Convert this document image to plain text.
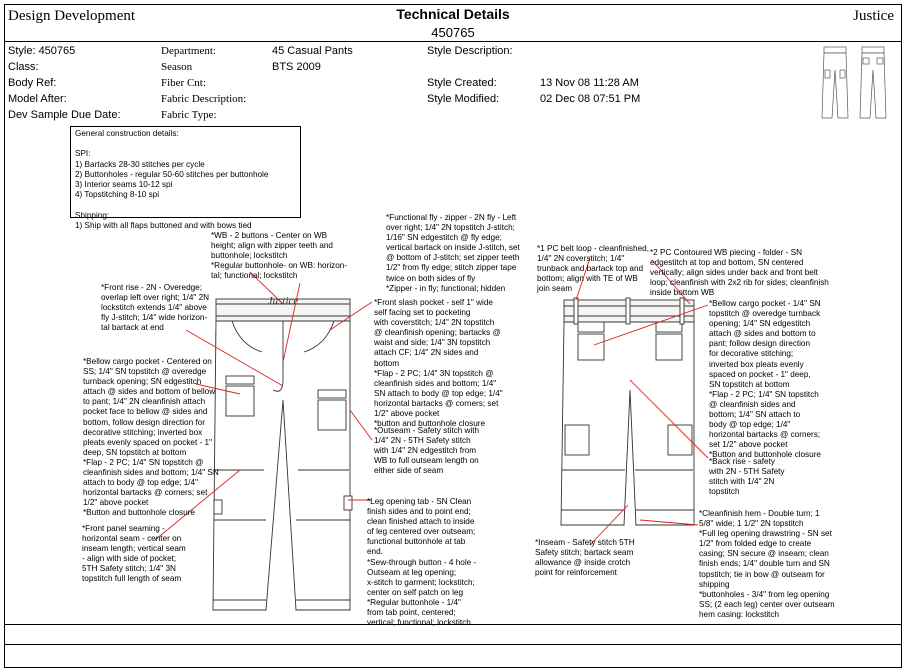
Design Development	Technical Details
450765
Justice
Style: 450765
Class:
Body Ref:
Model After:
Dev Sample Due Date:
Department:
Season
Fiber Cnt:
Fabric Description:
Fabric Type:
45 Casual Pants
BTS 2009
Style Description:
Style Created:
Style Modified:
13 Nov 08 11:28 AM
02 Dec 08 07:51 PM
Justice
General construction details:

SPI:
1) Bartacks 28-30 stitches per cycle
2) Buttonholes - regular 50-60 stitches per buttonhole
3) Interior seams 10-12 spi
4) Topstitching 8-10 spi

Shipping:
1) Ship with all flaps buttoned and with bows tied
*WB - 2 buttons - Center on WB
height; align with zipper teeth and
buttonhole; lockstitch
*Regular buttonhole- on WB: horizon-
tal; functional; lockstitch
*Functional fly - zipper - 2N fly - Left
over right; 1/4" 2N topstitch J-stitch;
1/16" SN edgestitch @ fly edge;
vertical bartack on inside J-stitch, set
@ bottom of J-stitch; set zipper teeth
1/2" from fly edge; stitch zipper tape
twice on both sides of fly
*Zipper - in fly; functional; hidden
*Front rise - 2N - Overedge;
overlap left over right; 1/4" 2N
lockstitch extends 1/4" above
fly J-stitch; 1/4" wide horizon-
tal bartack at end
*Front slash pocket - self 1" wide
self facing set to pocketing
with coverstitch; 1/4" 2N topstitch
@ cleanfinish opening; bartacks @
waist and side; 1/4" 3N topstitch
attach CF; 1/4" 2N sides and
bottom
*Flap - 2 PC; 1/4" 3N topstitch @
cleanfinish sides and bottom; 1/4"
SN attach to body @ top edge; 1/4"
horizontal bartacks @ corners; set
1/2" above pocket
*button and buttonhole closure
*Bellow cargo pocket - Centered on
SS; 1/4" SN topstitch @ overedge
turnback opening; SN edgestitch
attach @ sides and bottom of bellow
to pant; 1/4" 2N cleanfinish attach
pocket face to bellow @ sides and
bottom, follow design direction for
decorative stitching; inverted box
pleats evenly spaced on pocket - 1"
deep, SN topstitch at bottom
*Flap - 2 PC; 1/4" SN topstitch @
cleanfinish sides and bottom; 1/4" SN
attach to body @ top edge; 1/4"
horizontal bartacks @ corners; set
1/2" above pocket
*Button and buttonhole closure
*Outseam - Safety stitch with
1/4" 2N - 5TH Safety stitch
with 1/4" 2N edgestitch from
WB to full outseam length on
either side of seam
*Leg opening tab - SN Clean
finish sides and to point end;
clean finished attach to inside
of leg centered over outseam;
functional buttonhole at tab
end.
*Sew-through button - 4 hole -
Outseam at leg opening;
x-stitch to garment; lockstitch;
center on self patch on leg
*Regular buttonhole - 1/4"
from tab point, centered;
vertical; functional; lockstitch
*Front panel seaming -
horizontal seam - center on
inseam length; vertical seam
- align with side of pocket;
5TH Safety stitch; 1/4" 3N
topstitch full length of seam
*1 PC belt loop - cleanfinished,
1/4" 2N coverstitch; 1/4"
trunback and bartack top and
bottom; align with TE of WB
join seam
*2 PC Contoured WB piecing - folder - SN
edgestitch at top and bottom, SN centered
vertically; align sides under back and front belt
loop; cleanfinish with 2x2 rib for sides; cleanfinish
inside bottom WB
*Bellow cargo pocket - 1/4" SN
topstitch @ overedge turnback
opening; 1/4" SN edgestitch
attach @ sides and bottom to
pant; follow design direction
for decorative stitching;
inverted box pleats evenly
spaced on pocket - 1" deep,
SN topstitch at bottom
*Flap - 2 PC; 1/4" SN topstitch
@ cleanfinish sides and
bottom; 1/4" SN attach to
body @ top edge; 1/4"
horizontal bartacks @ corners;
set 1/2" above pocket
*Button and buttonhole closure
*Back rise - safety
with 2N - 5TH Safety
stitch with 1/4" 2N
topstitch
*Cleanfinish hem - Double turn; 1
5/8" wide; 1 1/2" 2N topstitch
*Full leg opening drawstring - SN set
1/2" from folded edge to create
casing; SN secure @ inseam; clean
finish ends; 1/4" double turn and SN
topstitch; tie in bow @ outseam for
shipping
*buttonholes - 3/4" from leg opening
SS; (2 each leg) center over outseam
hem casing: lockstitch
*Inseam - Safety stitch 5TH
Safety stitch; bartack seam
allowance @ inside crotch
point for reinforcement
